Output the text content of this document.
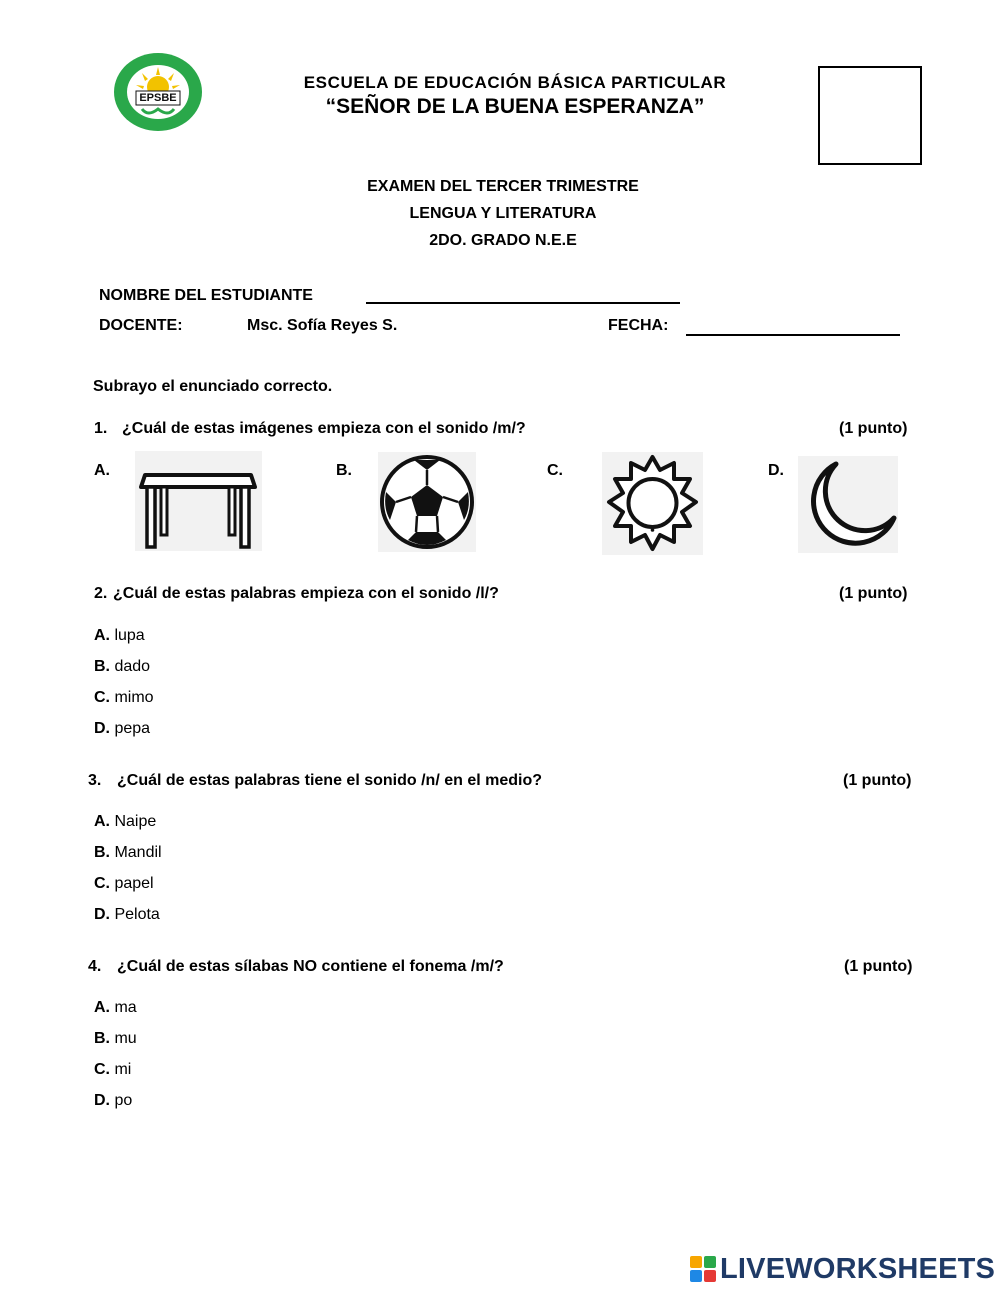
EPSBE
ESCUELA DE EDUCACIÓN BÁSICA PARTICULAR
“SEÑOR DE LA BUENA ESPERANZA”
EXAMEN DEL TERCER TRIMESTRE
LENGUA Y LITERATURA
2DO. GRADO N.E.E
NOMBRE DEL ESTUDIANTE
DOCENTE:	Msc. Sofía Reyes S.	FECHA:
Subrayo el enunciado correcto.
1. ¿Cuál de estas imágenes empieza con el sonido /m/?	(1 punto)
A.	B.	C.	D.
2. ¿Cuál de estas palabras empieza con el sonido /l/?	(1 punto)
A. lupa
B. dado
C. mimo
D. pepa
3. ¿Cuál de estas palabras tiene el sonido /n/ en el medio?	(1 punto)
A. Naipe
B. Mandil
C. papel
D. Pelota
4. ¿Cuál de estas sílabas NO contiene el fonema /m/?	(1 punto)
A. ma
B. mu
C. mi
D. po
LIVEWORKSHEETS
